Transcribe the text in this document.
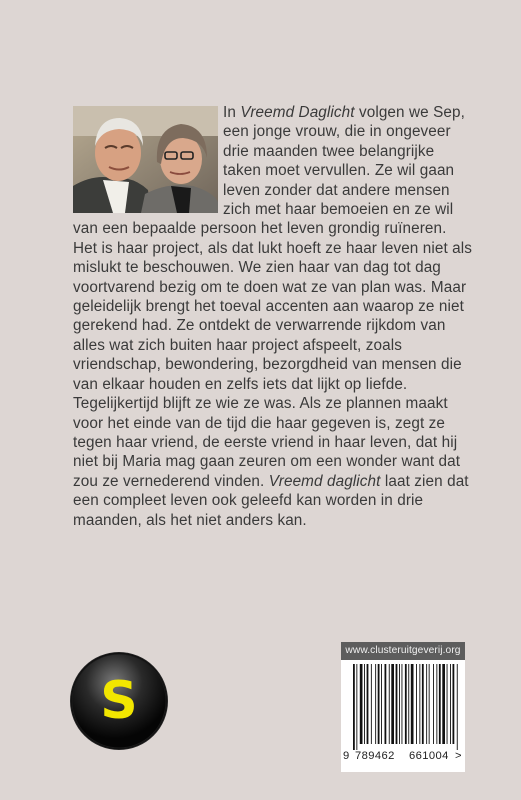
In Vreemd Daglicht volgen we Sep, een jonge vrouw, die in ongeveer drie maanden twee belangrijke taken moet vervullen. Ze wil gaan leven zonder dat andere mensen zich met haar bemoeien en ze wil van een bepaalde persoon het leven grondig ruïneren. Het is haar project, als dat lukt hoeft ze haar leven niet als mislukt te beschouwen. We zien haar van dag tot dag voortvarend bezig om te doen wat ze van plan was. Maar geleidelijk brengt het toeval accenten aan waarop ze niet gerekend had. Ze ontdekt de verwarrende rijkdom van alles wat zich buiten haar project afspeelt, zoals vriendschap, bewondering, bezorgdheid van mensen die van elkaar houden en zelfs iets dat lijkt op liefde. Tegelijkertijd blijft ze wie ze was. Als ze plannen maakt voor het einde van de tijd die haar gegeven is, zegt ze tegen haar vriend, de eerste vriend in haar leven, dat hij niet bij Maria mag gaan zeuren om een wonder want dat zou ze vernederend vinden. Vreemd daglicht laat zien dat een compleet leven ook geleefd kan worden in drie maanden, als het niet anders kan.

S
www.clusteruitgeverij.org
9 789462 661004 >
